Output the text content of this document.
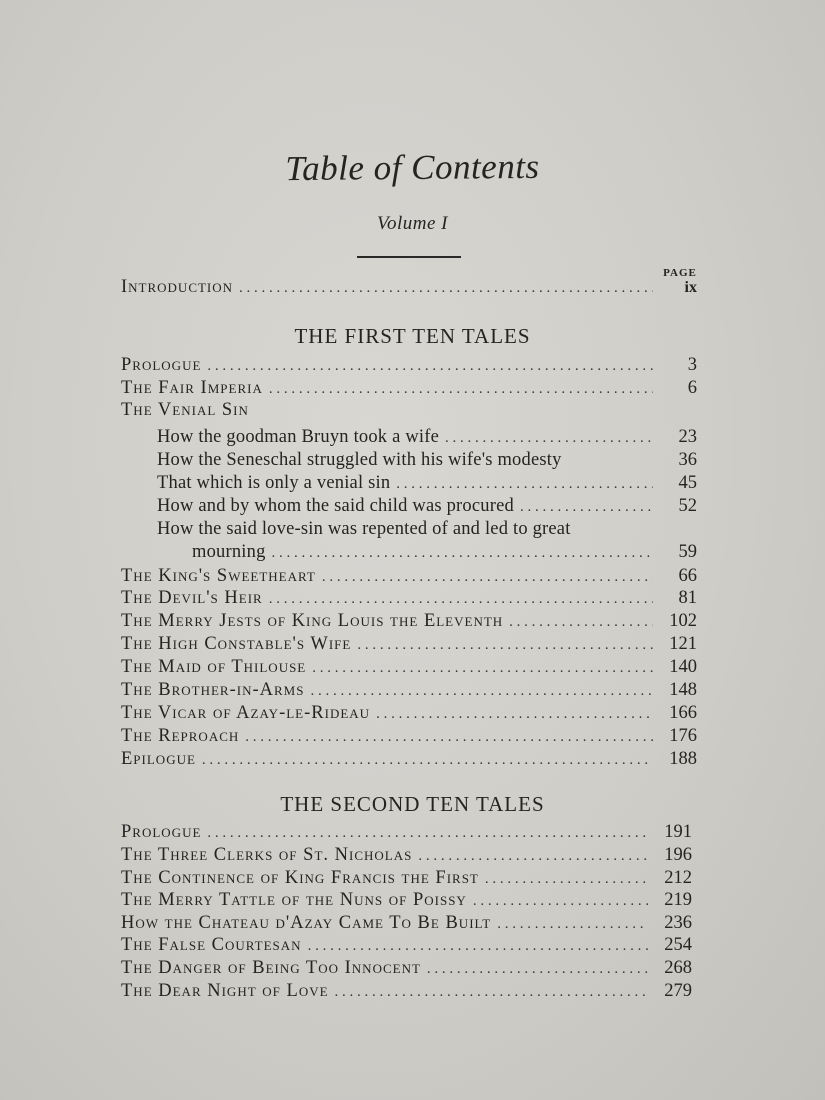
Table of Contents
Volume I
PAGE
Introduction . . .	ix
THE FIRST TEN TALES
THE SECOND TEN TALES
Prologue . . .	3
The Fair Imperia . . .	6
The Venial Sin
How the goodman Bruyn took a wife . . .	23
How the Seneschal struggled with his wife's modesty	36
That which is only a venial sin . . .	45
How and by whom the said child was procured . . .	52
How the said love-sin was repented of and led to great
mourning . . .	59
The King's Sweetheart . . .	66
The Devil's Heir . . .	81
The Merry Jests of King Louis the Eleventh . . .	102
The High Constable's Wife . . .	121
The Maid of Thilouse . . .	140
The Brother-in-Arms . . .	148
The Vicar of Azay-le-Rideau . . .	166
The Reproach . . .	176
Epilogue . . .	188
Prologue . . .	191
The Three Clerks of St. Nicholas . . .	196
The Continence of King Francis the First . . .	212
The Merry Tattle of the Nuns of Poissy . . .	219
How the Chateau d'Azay Came To Be Built . . .	236
The False Courtesan . . .	254
The Danger of Being Too Innocent . . .	268
The Dear Night of Love . . .	279
